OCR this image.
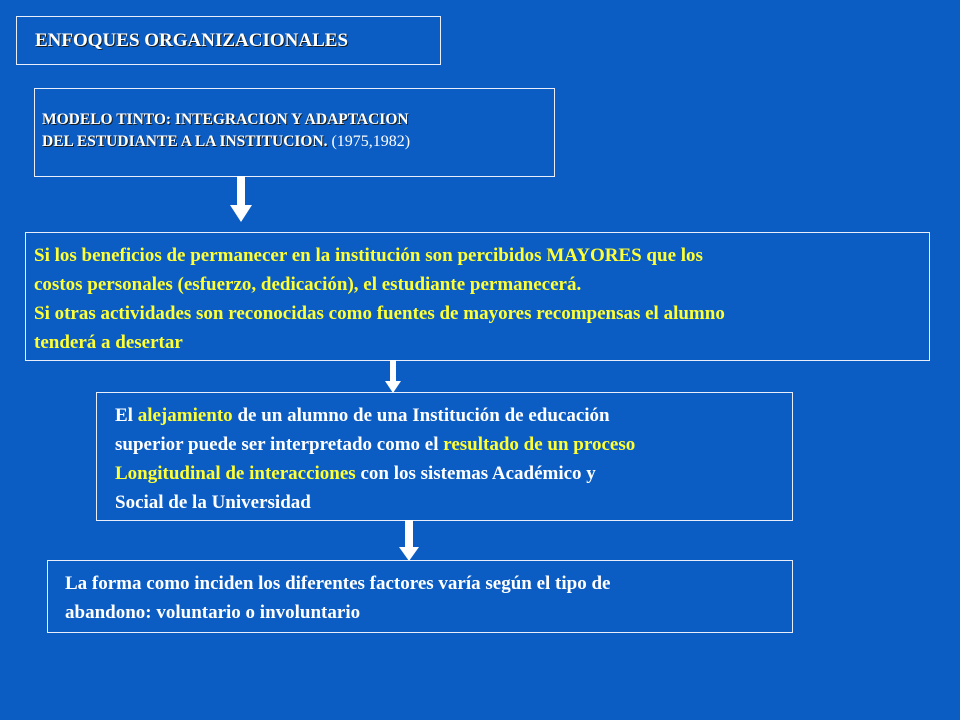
ENFOQUES ORGANIZACIONALES
MODELO TINTO: INTEGRACION Y ADAPTACION
DEL ESTUDIANTE A LA INSTITUCION. (1975,1982)
Si los beneficios de permanecer en la institución son percibidos MAYORES que los
costos personales (esfuerzo, dedicación), el estudiante permanecerá.
Si otras actividades son reconocidas como fuentes de mayores recompensas el alumno
tenderá a desertar
El alejamiento de un alumno de una Institución de educación
superior puede ser interpretado como el resultado de un proceso
Longitudinal de interacciones con los sistemas Académico y
Social de la Universidad
La forma como inciden los diferentes factores varía según el tipo de
abandono: voluntario o involuntario
